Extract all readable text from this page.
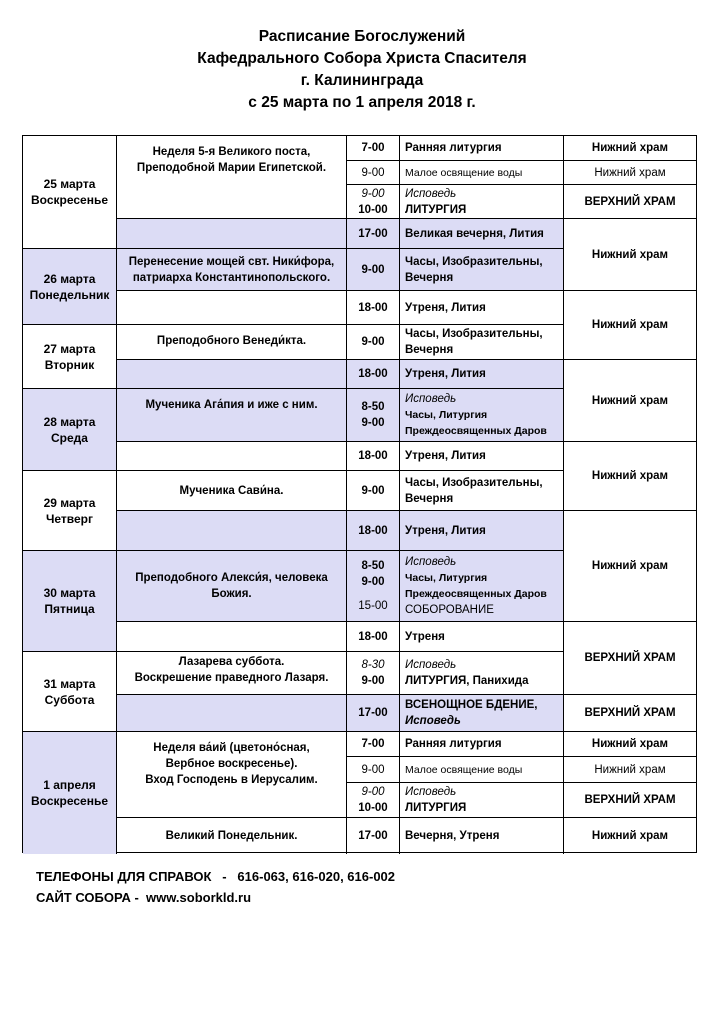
Расписание Богослужений
Кафедрального Собора Христа Спасителя
г. Калининграда
с 25 марта по 1 апреля 2018 г.
25 марта
Воскресенье
26 марта
Понедельник
27 марта
Вторник
28 марта
Среда
29 марта
Четверг
30 марта
Пятница
31 марта
Суббота
1 апреля
Воскресенье
Неделя 5-я Великого поста,
Преподобной Марии Египетской.
Перенесение мощей свт. Ники́фора,
патриарха Константинопольского.
Преподобного Венеди́кта.
Мученика Ага́пия и иже с ним.
Мученика Сави́на.
Преподобного Алекси́я, человека
Божия.
Лазарева суббота.
Воскрешение праведного Лазаря.
Неделя ва́ий (цветоно́сная,
Вербное воскресенье).
Вход Господень в Иерусалим.
Великий Понедельник.
7-00
9-00
9-00
10-00
17-00
9-00
18-00
9-00
18-00
8-50
9-00
18-00
9-00
18-00
8-50
9-00
15-00
18-00
8-30
9-00
17-00
7-00
9-00
9-00
10-00
17-00
Ранняя литургия
Малое освящение воды
Исповедь
ЛИТУРГИЯ
Великая вечерня, Лития
Часы, Изобразительны,
Вечерня
Утреня, Лития
Часы, Изобразительны,
Вечерня
Утреня, Лития
Исповедь
Часы, Литургия
Преждеосвященных Даров
Утреня, Лития
Часы, Изобразительны,
Вечерня
Утреня, Лития
Исповедь
Часы, Литургия
Преждеосвященных Даров
СОБОРОВАНИЕ
Утреня
Исповедь
ЛИТУРГИЯ, Панихида
ВСЕНОЩНОЕ БДЕНИЕ,
Исповедь
Ранняя литургия
Малое освящение воды
Исповедь
ЛИТУРГИЯ
Вечерня, Утреня
Нижний храм
Нижний храм
ВЕРХНИЙ ХРАМ
Нижний храм
Нижний храм
Нижний храм
Нижний храм
Нижний храм
ВЕРХНИЙ ХРАМ
ВЕРХНИЙ ХРАМ
Нижний храм
Нижний храм
ВЕРХНИЙ ХРАМ
Нижний храм
ТЕЛЕФОНЫ ДЛЯ СПРАВОК   -   616-063, 616-020, 616-002
САЙТ СОБОРА -  www.soborkld.ru
